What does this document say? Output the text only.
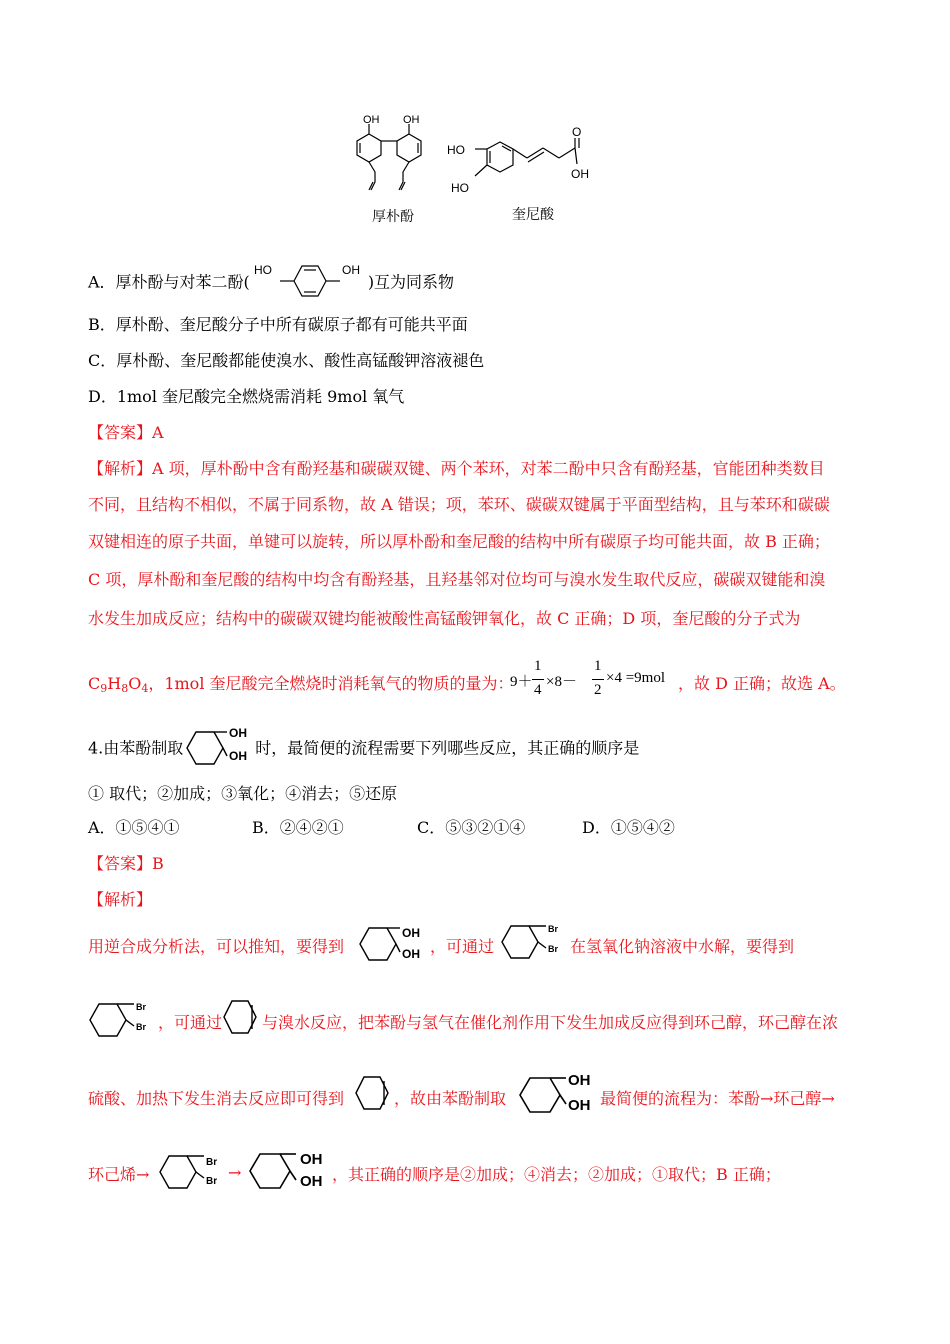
OH OH
厚朴酚
HO
HO
O
OH
奎尼酸
A．厚朴酚与对苯二酚(
HO	OH
)互为同系物
B．厚朴酚、奎尼酸分子中所有碳原子都有可能共平面
C．厚朴酚、奎尼酸都能使溴水、酸性高锰酸钾溶液褪色
D．1mol 奎尼酸完全燃烧需消耗 9mol 氧气
【答案】A
【解析】A 项，厚朴酚中含有酚羟基和碳碳双键、两个苯环，对苯二酚中只含有酚羟基，官能团种类数目
不同，且结构不相似，不属于同系物，故 A 错误；项，苯环、碳碳双键属于平面型结构，且与苯环和碳碳
双键相连的原子共面，单键可以旋转，所以厚朴酚和奎尼酸的结构中所有碳原子均可能共面，故 B 正确；
C 项，厚朴酚和奎尼酸的结构中均含有酚羟基，且羟基邻对位均可与溴水发生取代反应，碳碳双键能和溴
水发生加成反应；结构中的碳碳双键均能被酸性高锰酸钾氧化，故 C 正确；D 项，奎尼酸的分子式为
$C_9H_8O_4$，1mol 奎尼酸完全燃烧时消耗氧气的物质的量为：
9＋
1
4 ×8－
1
2
×4 =9mol ，故 D 正确；故选 A。
4.由苯酚制取
OH
OH 时，最简便的流程需要下列哪些反应，其正确的顺序是
① 取代；②加成；③氧化；④消去；⑤还原
A．①⑤④①	B．②④②①	C．⑤③②①④	D．①⑤④②
【答案】B
【解析】
用逆合成分析法，可以推知，要得到
OH
OH ，可通过
Br
Br 在氢氧化钠溶液中水解，要得到
Br
Br ，可通过 与溴水反应，把苯酚与氢气在催化剂作用下发生加成反应得到环己醇，环己醇在浓
硫酸、加热下发生消去反应即可得到	，故由苯酚制取
OH
OH 最简便的流程为：苯酚→环己醇→
环己烯→
Br
Br →
OH
OH ，其正确的顺序是②加成；④消去；②加成；①取代；B 正确；
